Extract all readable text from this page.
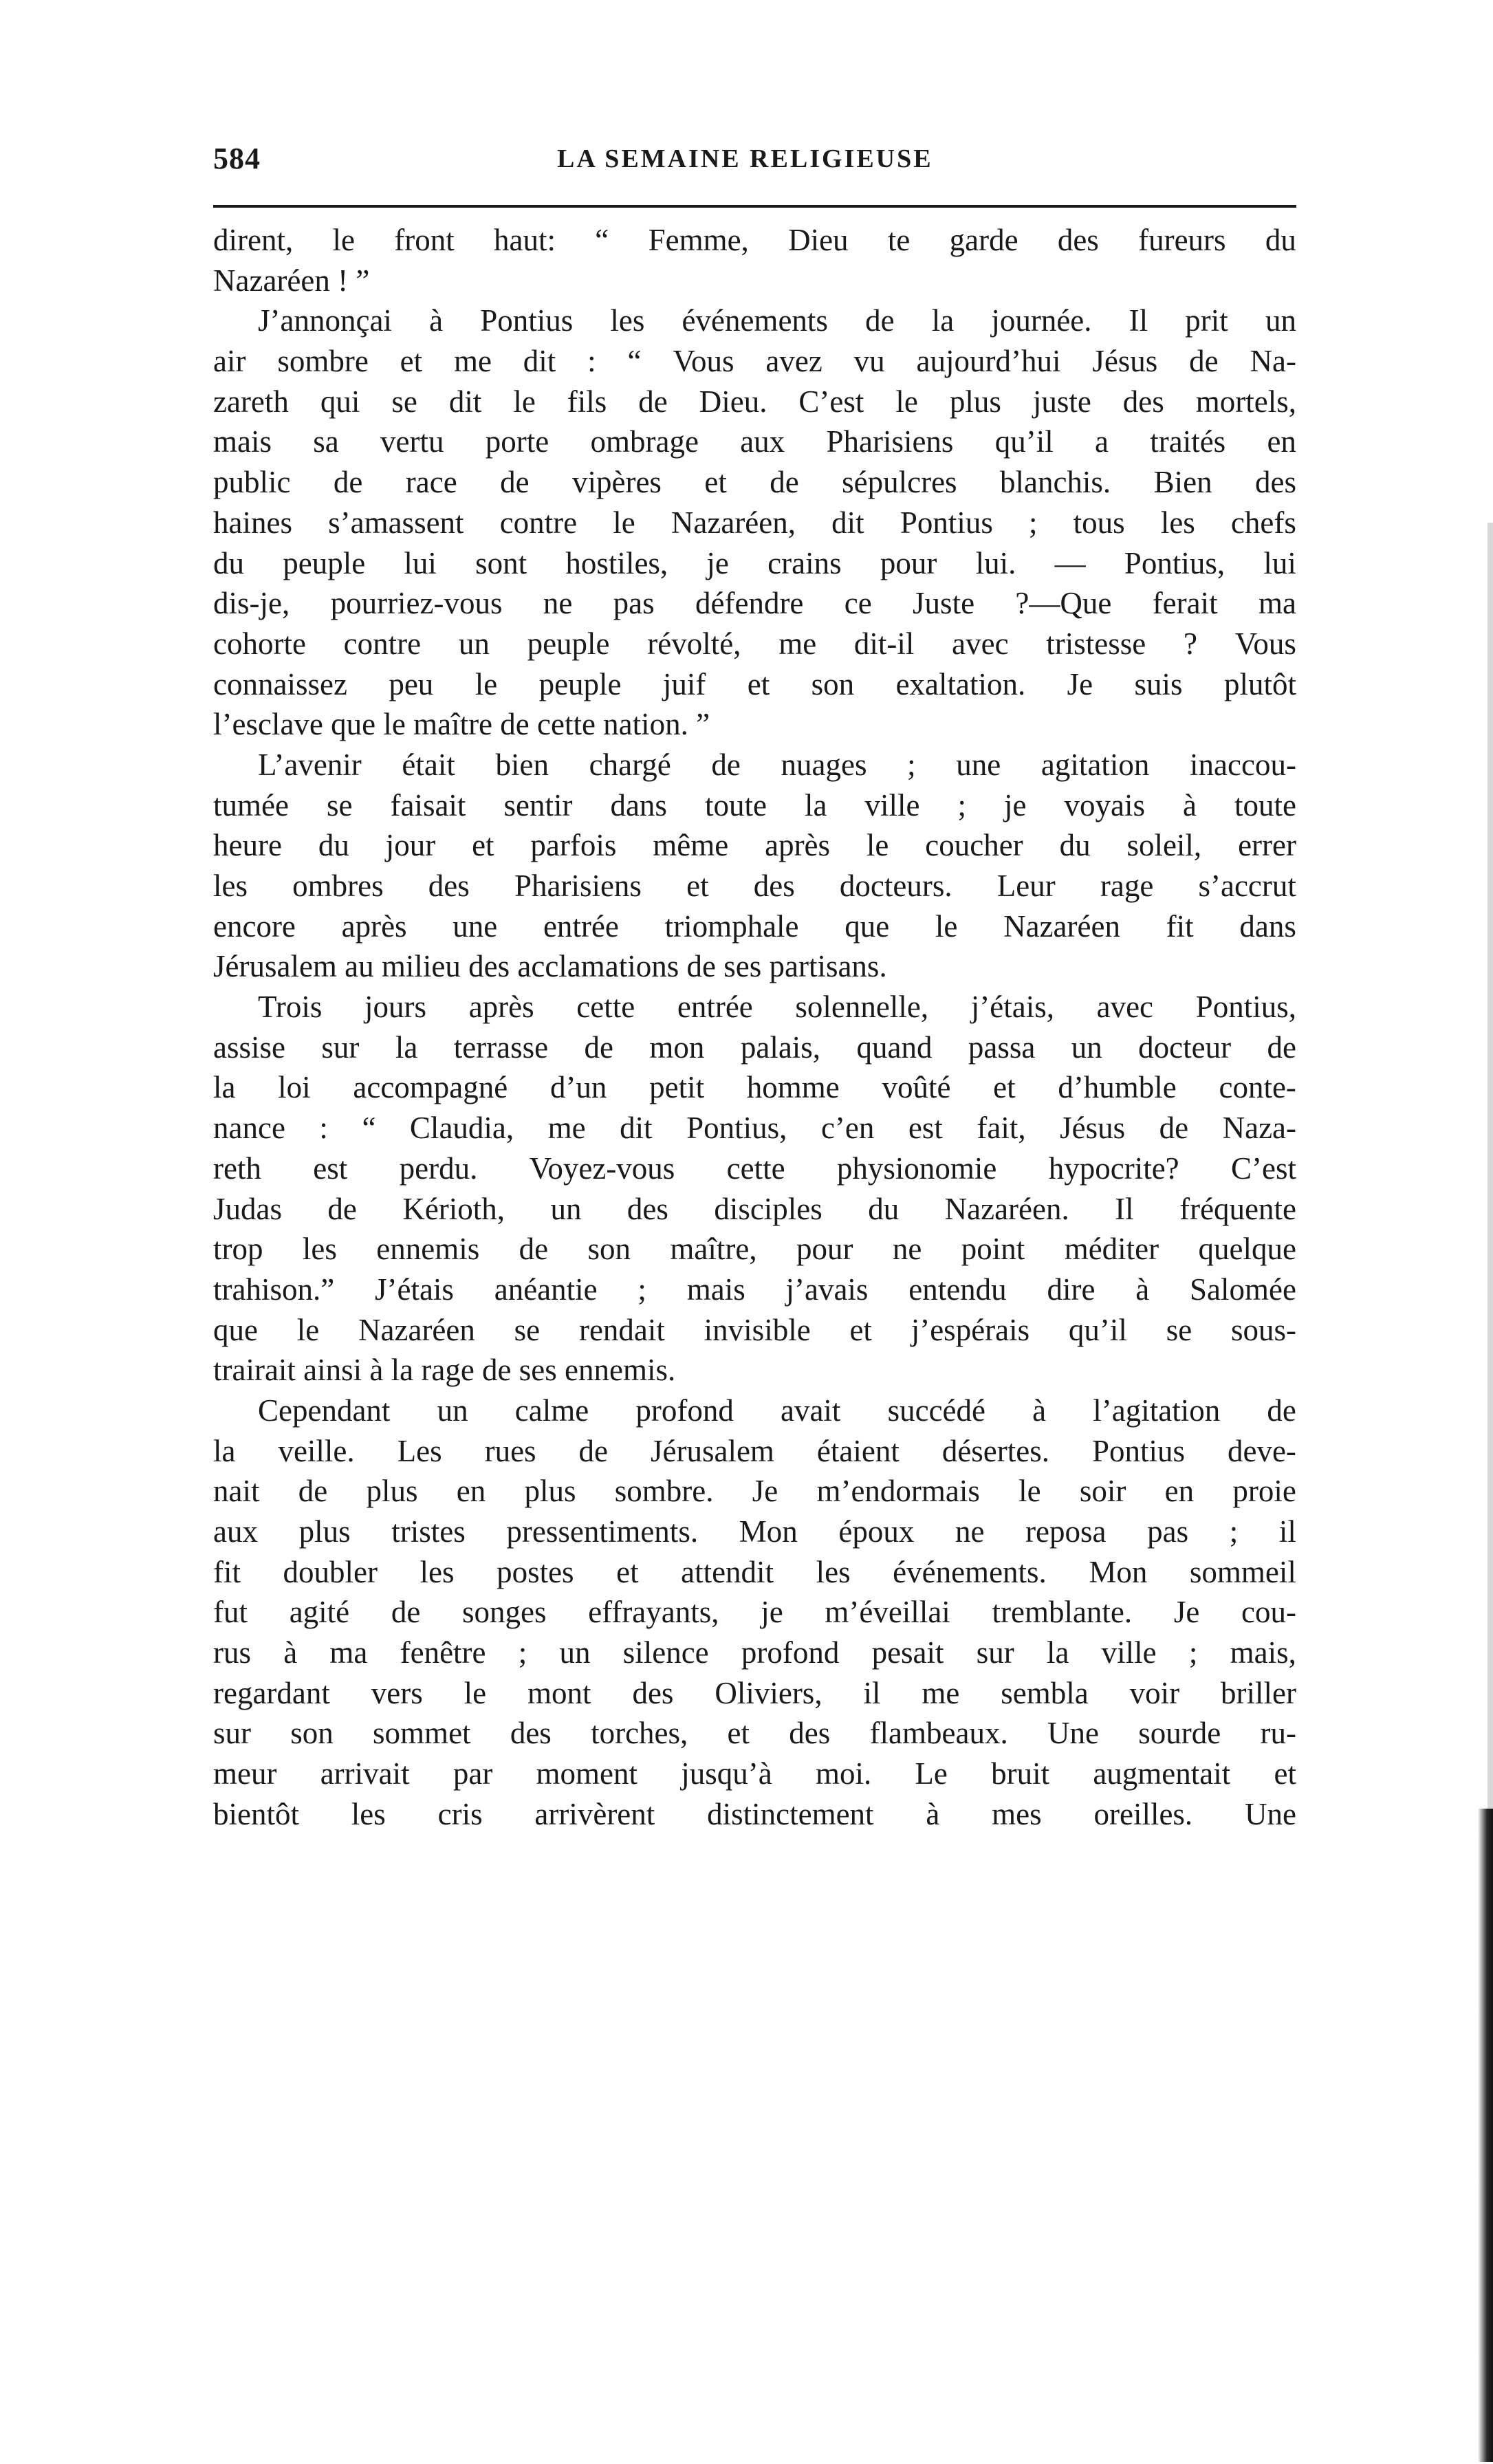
584	LA SEMAINE RELIGIEUSE
dirent, le front haut: “ Femme, Dieu te garde des fureurs du
Nazaréen ! ”
J’annonçai à Pontius les événements de la journée. Il prit un
air sombre et me dit : “ Vous avez vu aujourd’hui Jésus de Na-
zareth qui se dit le fils de Dieu. C’est le plus juste des mortels,
mais sa vertu porte ombrage aux Pharisiens qu’il a traités en
public de race de vipères et de sépulcres blanchis. Bien des
haines s’amassent contre le Nazaréen, dit Pontius ; tous les chefs
du peuple lui sont hostiles, je crains pour lui. — Pontius, lui
dis-je, pourriez-vous ne pas défendre ce Juste ?—Que ferait ma
cohorte contre un peuple révolté, me dit-il avec tristesse ? Vous
connaissez peu le peuple juif et son exaltation. Je suis plutôt
l’esclave que le maître de cette nation. ”
L’avenir était bien chargé de nuages ; une agitation inaccou-
tumée se faisait sentir dans toute la ville ; je voyais à toute
heure du jour et parfois même après le coucher du soleil, errer
les ombres des Pharisiens et des docteurs. Leur rage s’accrut
encore après une entrée triomphale que le Nazaréen fit dans
Jérusalem au milieu des acclamations de ses partisans.
Trois jours après cette entrée solennelle, j’étais, avec Pontius,
assise sur la terrasse de mon palais, quand passa un docteur de
la loi accompagné d’un petit homme voûté et d’humble conte-
nance : “ Claudia, me dit Pontius, c’en est fait, Jésus de Naza-
reth est perdu. Voyez-vous cette physionomie hypocrite? C’est
Judas de Kérioth, un des disciples du Nazaréen. Il fréquente
trop les ennemis de son maître, pour ne point méditer quelque
trahison.” J’étais anéantie ; mais j’avais entendu dire à Salomée
que le Nazaréen se rendait invisible et j’espérais qu’il se sous-
trairait ainsi à la rage de ses ennemis.
Cependant un calme profond avait succédé à l’agitation de
la veille. Les rues de Jérusalem étaient désertes. Pontius deve-
nait de plus en plus sombre. Je m’endormais le soir en proie
aux plus tristes pressentiments. Mon époux ne reposa pas ; il
fit doubler les postes et attendit les événements. Mon sommeil
fut agité de songes effrayants, je m’éveillai tremblante. Je cou-
rus à ma fenêtre ; un silence profond pesait sur la ville ; mais,
regardant vers le mont des Oliviers, il me sembla voir briller
sur son sommet des torches, et des flambeaux. Une sourde ru-
meur arrivait par moment jusqu’à moi. Le bruit augmentait et
bientôt les cris arrivèrent distinctement à mes oreilles. Une
